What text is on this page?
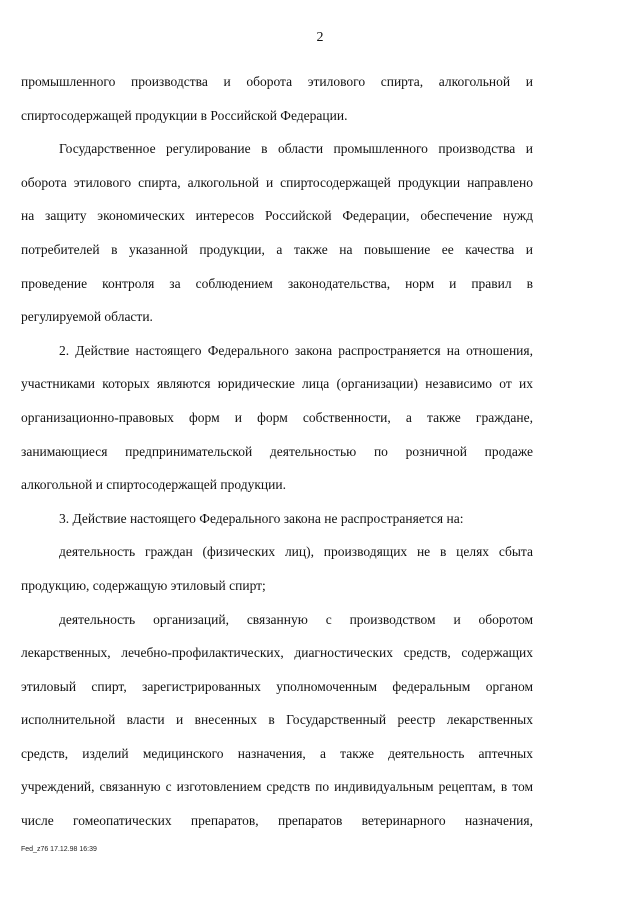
2
промышленного производства и оборота этилового спирта, алкогольной и
спиртосодержащей продукции в Российской Федерации.
Государственное регулирование в области промышленного производства и
оборота этилового спирта, алкогольной и спиртосодержащей продукции направлено
на защиту экономических интересов Российской Федерации, обеспечение нужд
потребителей в указанной продукции, а также на повышение ее качества и
проведение контроля за соблюдением законодательства, норм и правил в
регулируемой области.
2. Действие настоящего Федерального закона распространяется на отношения,
участниками которых являются юридические лица (организации) независимо от их
организационно-правовых форм и форм собственности, а также граждане,
занимающиеся предпринимательской деятельностью по розничной продаже
алкогольной и спиртосодержащей продукции.
3. Действие настоящего Федерального закона не распространяется на:
деятельность граждан (физических лиц), производящих не в целях сбыта
продукцию, содержащую этиловый спирт;
деятельность организаций, связанную с производством и оборотом
лекарственных, лечебно-профилактических, диагностических средств, содержащих
этиловый спирт, зарегистрированных уполномоченным федеральным органом
исполнительной власти и внесенных в Государственный реестр лекарственных
средств, изделий медицинского назначения, а также деятельность аптечных
учреждений, связанную с изготовлением средств по индивидуальным рецептам, в том
числе гомеопатических препаратов, препаратов ветеринарного назначения,
Fed_z76 17.12.98 16:39
